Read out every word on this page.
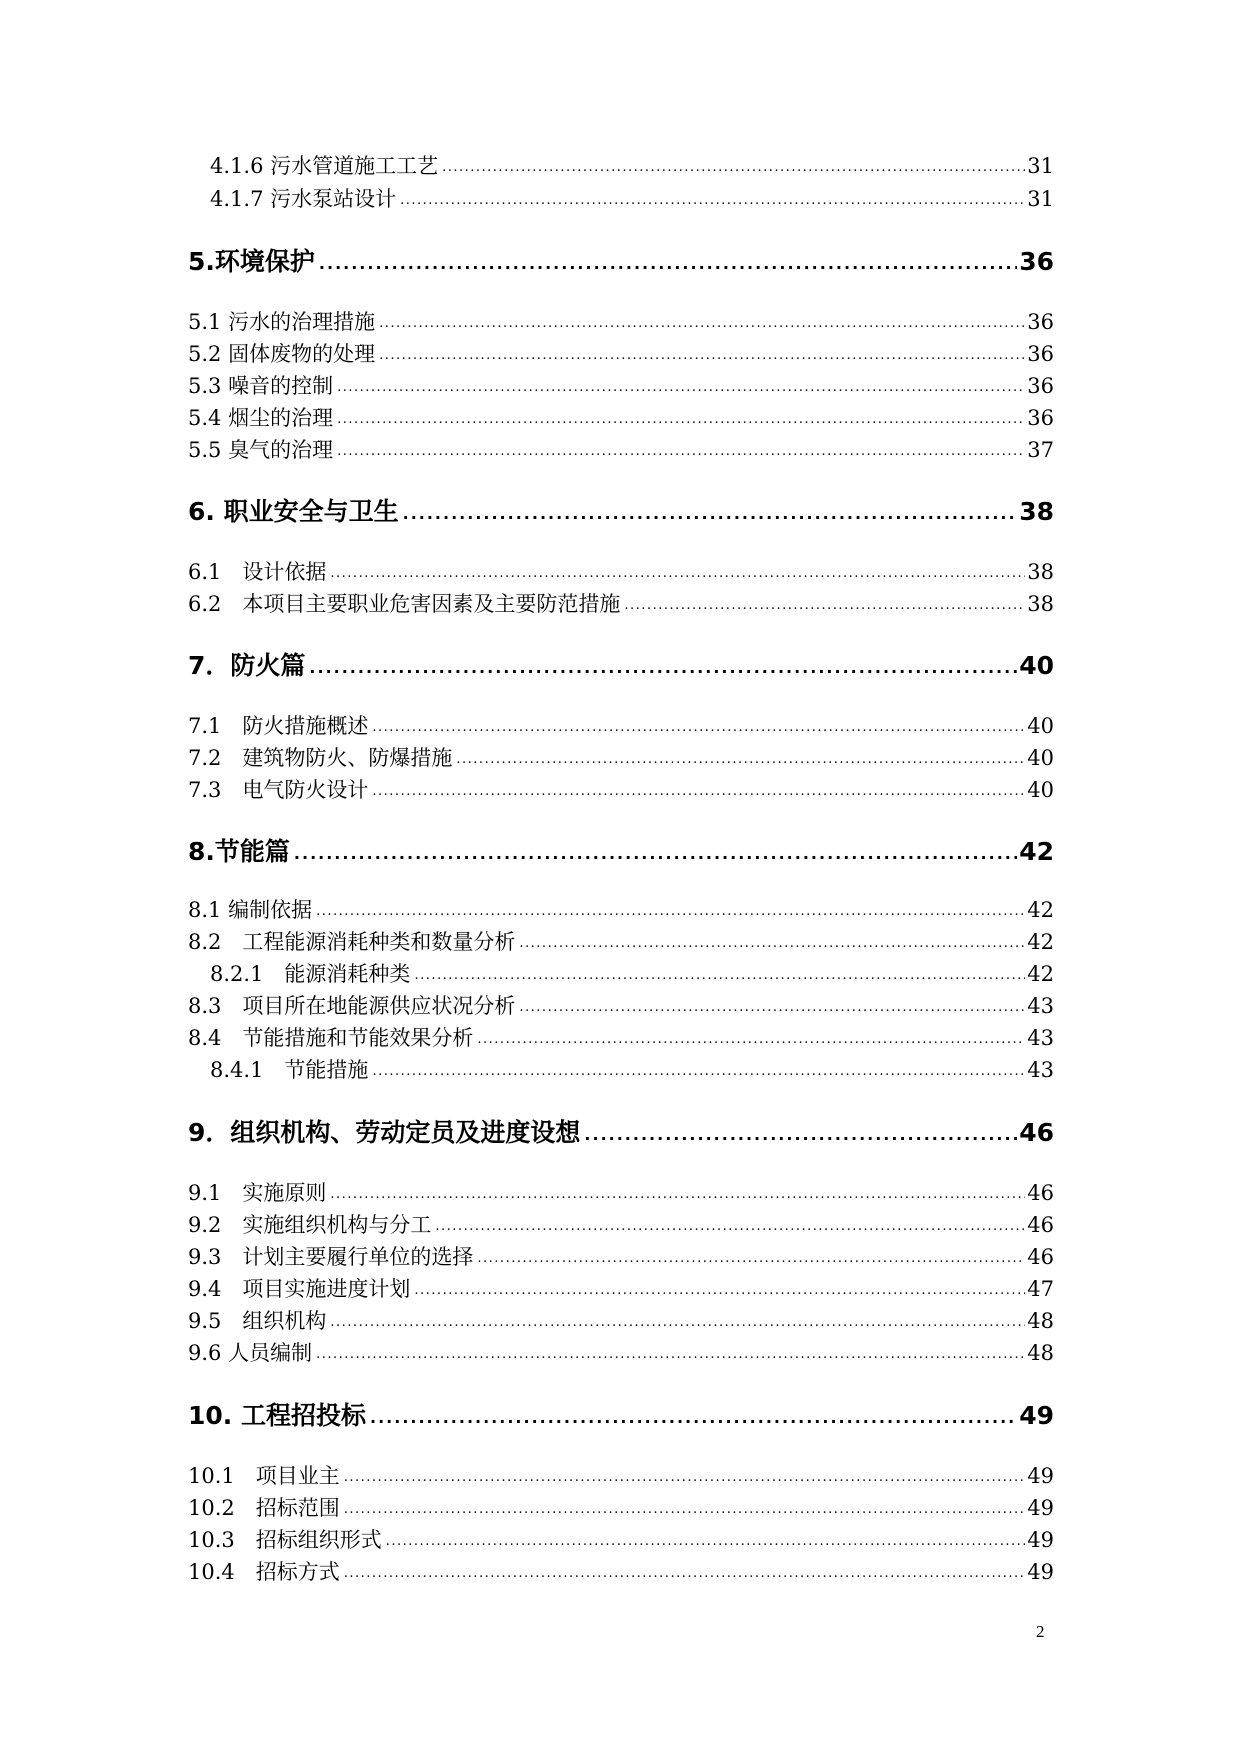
4.1.6 污水管道施工工艺 .....	31
4.1.7 污水泵站设计 .....	31
5.环境保护 .....	36
5.1 污水的治理措施 .....	36
5.2 固体废物的处理 .....	36
5.3 噪音的控制 .....	36
5.4 烟尘的治理 .....	36
5.5 臭气的治理 .....	37
6. 职业安全与卫生 .....	38
6.1　设计依据 .....	38
6.2　本项目主要职业危害因素及主要防范措施 .....	38
7．防火篇 .....	40
7.1　防火措施概述 .....	40
7.2　建筑物防火、防爆措施 .....	40
7.3　电气防火设计 .....	40
8.节能篇 .....	42
8.1 编制依据 .....	42
8.2　工程能源消耗种类和数量分析 .....	42
8.2.1　能源消耗种类 .....	42
8.3　项目所在地能源供应状况分析 .....	43
8.4　节能措施和节能效果分析 .....	43
8.4.1　节能措施 .....	43
9．组织机构、劳动定员及进度设想 .....	46
9.1　实施原则 .....	46
9.2　实施组织机构与分工 .....	46
9.3　计划主要履行单位的选择 .....	46
9.4　项目实施进度计划 .....	47
9.5　组织机构 .....	48
9.6 人员编制 .....	48
10. 工程招投标 .....	49
10.1　项目业主 .....	49
10.2　招标范围 .....	49
10.3　招标组织形式 .....	49
10.4　招标方式 .....	49
2
